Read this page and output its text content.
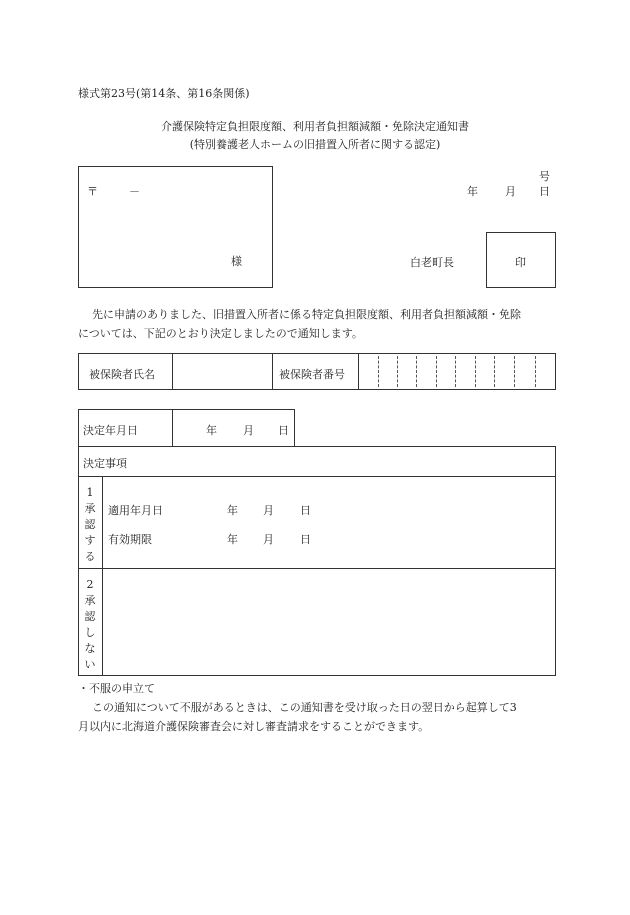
様式第23号(第14条、第16条関係)
介護保険特定負担限度額、利用者負担額減額・免除決定通知書
(特別養護老人ホームの旧措置入所者に関する認定)
〒	－
様
号
年 月 日
白老町長	印
先に申請のありました、旧措置入所者に係る特定負担限度額、利用者負担額減額・免除
については、下記のとおり決定しましたので通知します。
被保険者氏名	被保険者番号
決定年月日	年 月 日
決定事項
1
承
認
す
る
適用年月日	年 月 日
有効期限	年 月 日
2
承
認
し
な
い
・不服の申立て
この通知について不服があるときは、この通知書を受け取った日の翌日から起算して3
月以内に北海道介護保険審査会に対し審査請求をすることができます。
